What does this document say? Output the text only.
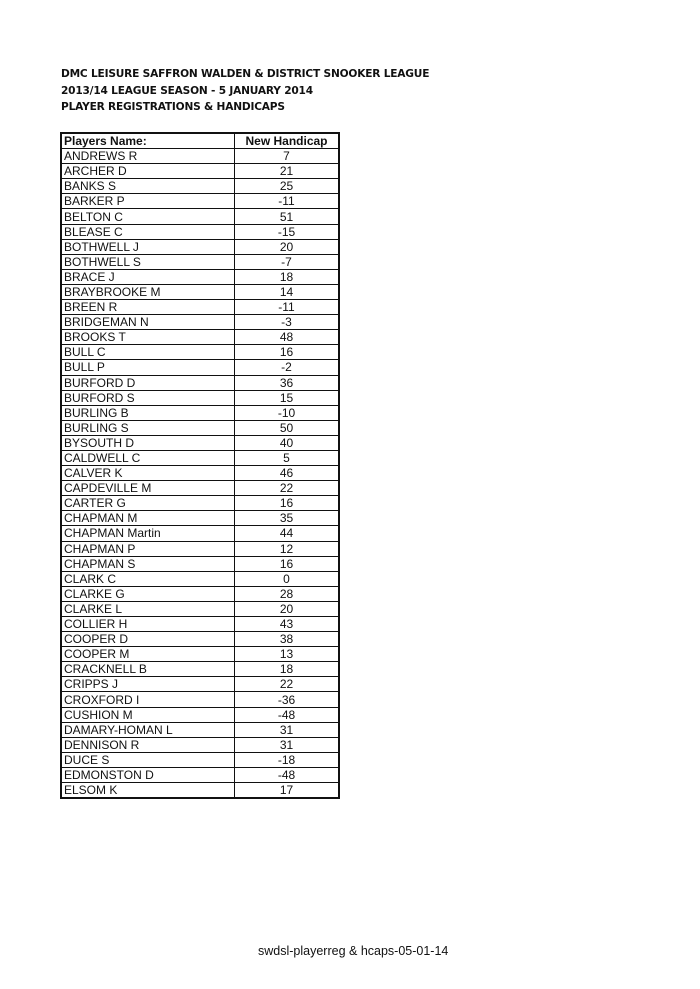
DMC LEISURE SAFFRON WALDEN & DISTRICT SNOOKER LEAGUE
2013/14 LEAGUE SEASON - 5 JANUARY 2014
PLAYER REGISTRATIONS & HANDICAPS
Players Name:	New Handicap
ANDREWS R	7
ARCHER D	21
BANKS S	25
BARKER P	-11
BELTON C	51
BLEASE C	-15
BOTHWELL J	20
BOTHWELL S	-7
BRACE J	18
BRAYBROOKE M	14
BREEN R	-11
BRIDGEMAN N	-3
BROOKS T	48
BULL C	16
BULL P	-2
BURFORD D	36
BURFORD S	15
BURLING B	-10
BURLING S	50
BYSOUTH D	40
CALDWELL C	5
CALVER K	46
CAPDEVILLE M	22
CARTER G	16
CHAPMAN M	35
CHAPMAN Martin	44
CHAPMAN P	12
CHAPMAN S	16
CLARK C	0
CLARKE G	28
CLARKE L	20
COLLIER H	43
COOPER D	38
COOPER M	13
CRACKNELL B	18
CRIPPS J	22
CROXFORD I	-36
CUSHION M	-48
DAMARY-HOMAN L	31
DENNISON R	31
DUCE S	-18
EDMONSTON D	-48
ELSOM K	17
swdsl-playerreg & hcaps-05-01-14
